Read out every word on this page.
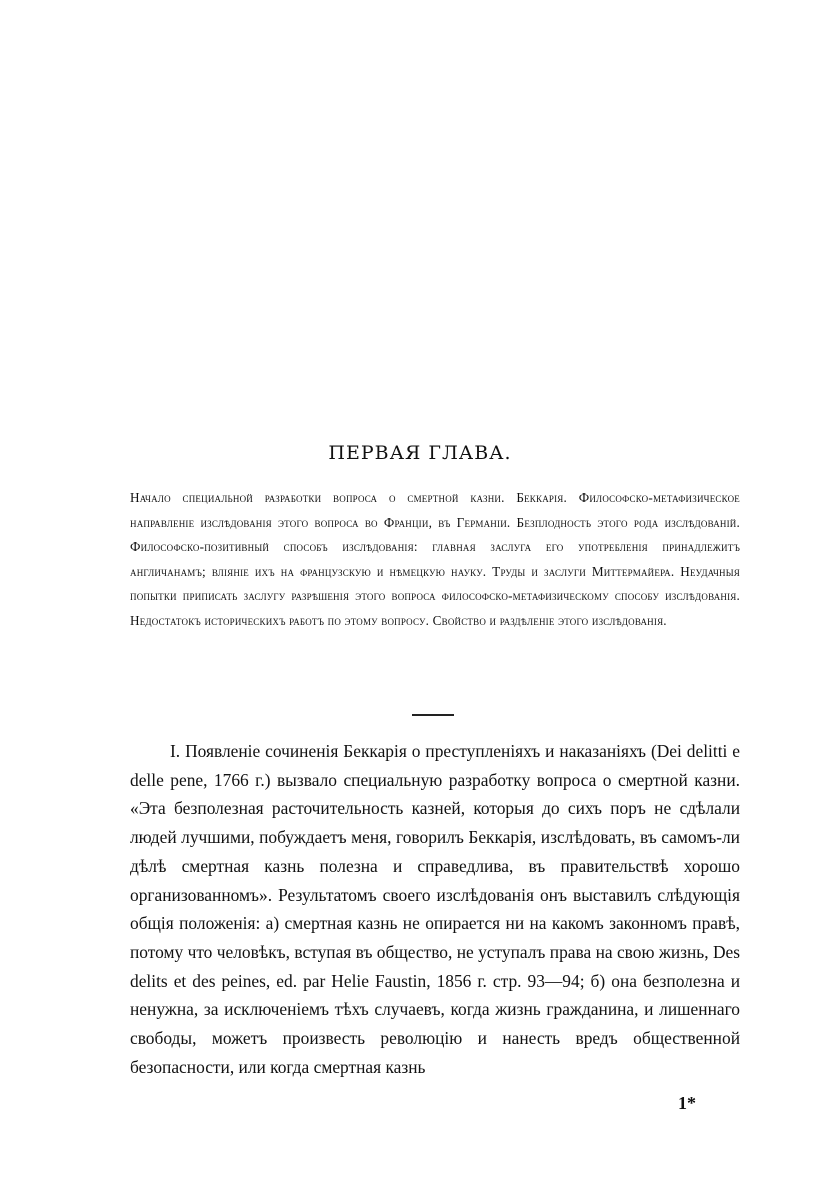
ПЕРВАЯ ГЛАВА.

Начало специальной разработки вопроса о смертной казни. Беккарія. Философско-метафизическое направленіе изслѣдованія этого вопроса во Франціи, въ Германіи. Безплодность этого рода изслѣдованій. Философско-позитивный способъ изслѣдованія: главная заслуга его употребленія принадлежитъ англичанамъ; вліяніе ихъ на французскую и нѣмецкую науку. Труды и заслуги Миттермайера. Неудачныя попытки приписать заслугу разрѣшенія этого вопроса философско-метафизическому способу изслѣдованія. Недостатокъ историческихъ работъ по этому вопросу. Свойство и раздѣленіе этого изслѣдованія.

I. Появленіе сочиненія Беккарія о преступленіяхъ и наказаніяхъ (Dei delitti e delle pene, 1766 г.) вызвало специальную разработку вопроса о смертной казни. «Эта безполезная расточительность казней, которыя до сихъ поръ не сдѣлали людей лучшими, побуждаетъ меня, говорилъ Беккарія, изслѣдовать, въ самомъ-ли дѣлѣ смертная казнь полезна и справедлива, въ правительствѣ хорошо организованномъ». Результатомъ своего изслѣдованія онъ выставилъ слѣдующія общія положенія: а) смертная казнь не опирается ни на какомъ законномъ правѣ, потому что человѣкъ, вступая въ общество, не уступалъ права на свою жизнь, Des delits et des peines, ed. par Helie Faustin, 1856 г. стр. 93—94; б) она безполезна и ненужна, за исключеніемъ тѣхъ случаевъ, когда жизнь гражданина, и лишеннаго свободы, можетъ произвесть революцію и нанесть вредъ общественной безопасности, или когда смертная казнь

1*
